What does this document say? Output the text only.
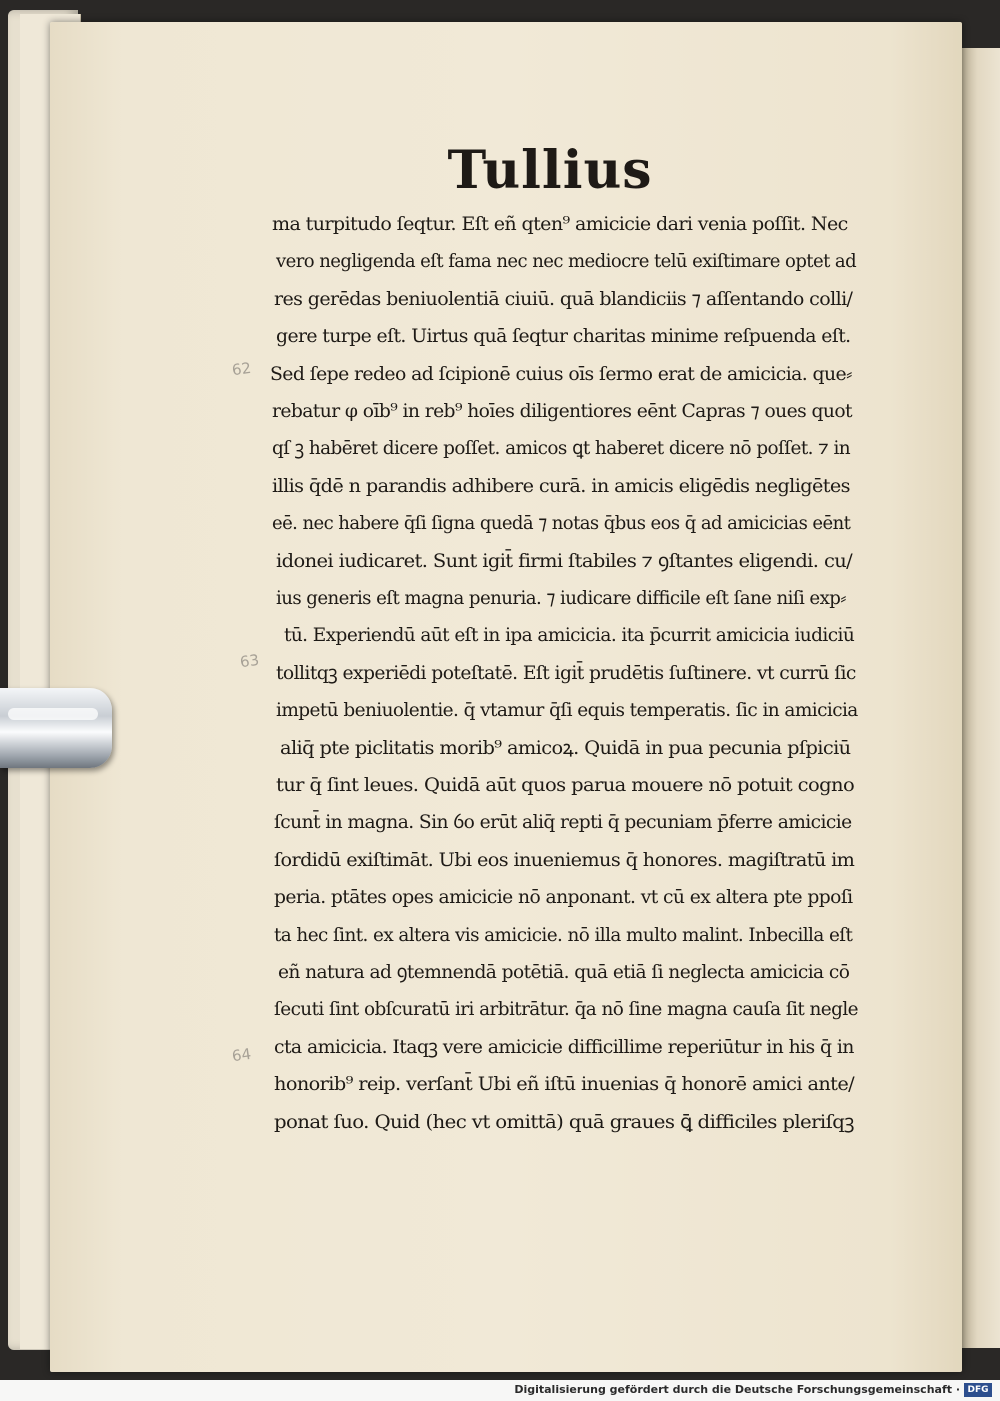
Tullius
ma turpitudo ſeqtur. Eſt eñ qten⁹ amicicie dari venia poſſit. Nec
vero negligenda eſt fama nec nec mediocre telū exiſtimare optet ad
res gerēdas beniuolentiā ciuiū. quā blandiciis ⁊ aſſentando colli/
gere turpe eſt. Uirtus quā ſeqtur charitas minime reſpuenda eſt.
Sed ſepe redeo ad ſcipionē cuius oīs ſermo erat de amicicia. que⸗
rebatur φ oīb⁹ in reb⁹ hoīes diligentiores eēnt Capras ⁊ oues quot
qſ ꝫ habēret dicere poſſet. amicos ꝗt haberet dicere nō poſſet. ⁊ in
illis q̄dē n parandis adhibere curā. in amicis eligēdis negligētes
eē. nec habere q̄ſi ſigna quedā ⁊ notas q̄bus eos q̄ ad amicicias eēnt
idonei iudicaret. Sunt igit̄ firmi ſtabiles ⁊ ꝯſtantes eligendi. cu/
ius generis eſt magna penuria. ⁊ iudicare difficile eſt ſane niſi exp⸗
tū. Experiendū aūt eſt in ipa amicicia. ita p̄currit amicicia iudiciū
tollitqꝫ experiēdi poteſtatē. Eſt igit̄ prudētis ſuſtinere. vt currū ſic
impetū beniuolentie. q̄ vtamur q̄ſi equis temperatis. ſic in amicicia
aliq̄ pte piclitatis morib⁹ amicoꝝ. Quidā in pua pecunia pſpiciū
tur q̄ ſint leues. Quidā aūt quos parua mouere nō potuit cogno
ſcunt̄ in magna. Sin ỽo erūt aliq̄ repti q̄ pecuniam p̄ferre amicicie
ſordidū exiſtimāt. Ubi eos inueniemus q̄ honores. magiſtratū im
peria. ptātes opes amicicie nō anponant. vt cū ex altera pte ppoſi
ta hec ſint. ex altera vis amicicie. nō illa multo malint. Inbecilla eſt
eñ natura ad ꝯtemnendā potētiā. quā etiā ſi neglecta amicicia cō
ſecuti ſint obſcuratū iri arbitrātur. q̄a nō ſine magna cauſa ſit negle
cta amicicia. Itaqꝫ vere amicicie difficillime reperiūtur in his q̄ in
honorib⁹ reip. verſant̄ Ubi eñ iſtū inuenias q̄ honorē amici ante/
ponat ſuo. Quid (hec vt omittā) quā graues ꝗ̄ difficiles pleriſqꝫ
62
63
64
Digitalisierung gefördert durch die Deutsche Forschungsgemeinschaft · DFG
